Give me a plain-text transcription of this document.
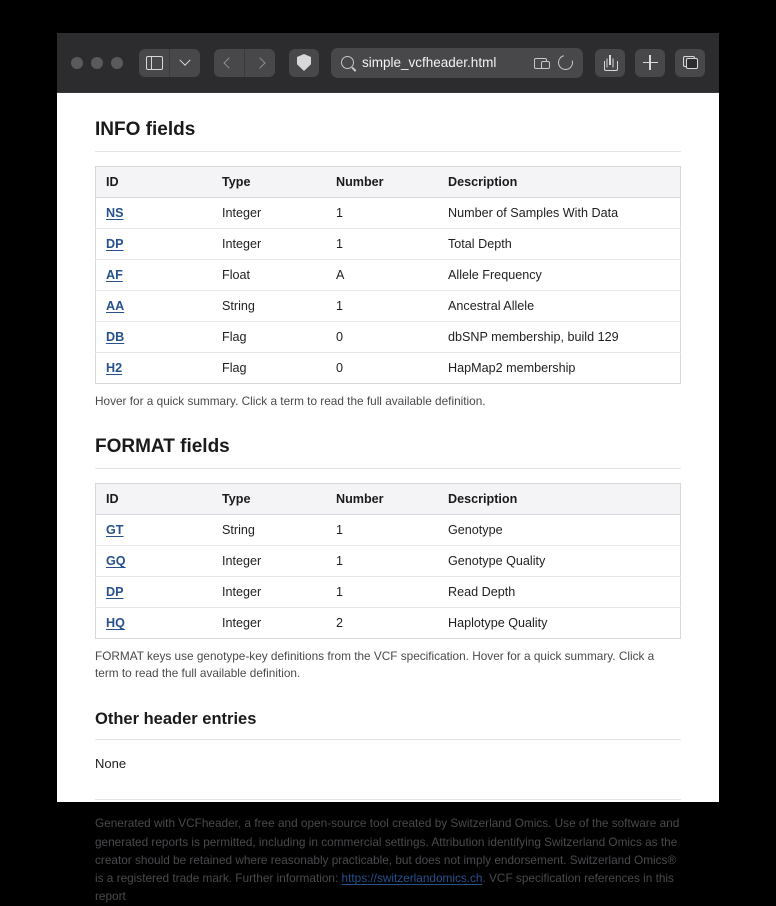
simple_vcfheader.html
INFO fields
ID	Type	Number	Description
NS	Integer	1	Number of Samples With Data
DP	Integer	1	Total Depth
AF	Float	A	Allele Frequency
AA	String	1	Ancestral Allele
DB	Flag	0	dbSNP membership, build 129
H2	Flag	0	HapMap2 membership

Hover for a quick summary. Click a term to read the full available definition.

FORMAT fields
ID	Type	Number	Description
GT	String	1	Genotype
GQ	Integer	1	Genotype Quality
DP	Integer	1	Read Depth
HQ	Integer	2	Haplotype Quality

FORMAT keys use genotype-key definitions from the VCF specification. Hover for a quick summary. Click a term to read the full available definition.

Other header entries

None

Generated with VCFheader, a free and open-source tool created by Switzerland Omics. Use of the software and generated reports is permitted, including in commercial settings. Attribution identifying Switzerland Omics as the creator should be retained where reasonably practicable, but does not imply endorsement. Switzerland Omics® is a registered trade mark. Further information: https://switzerlandomics.ch. VCF specification references in this report
